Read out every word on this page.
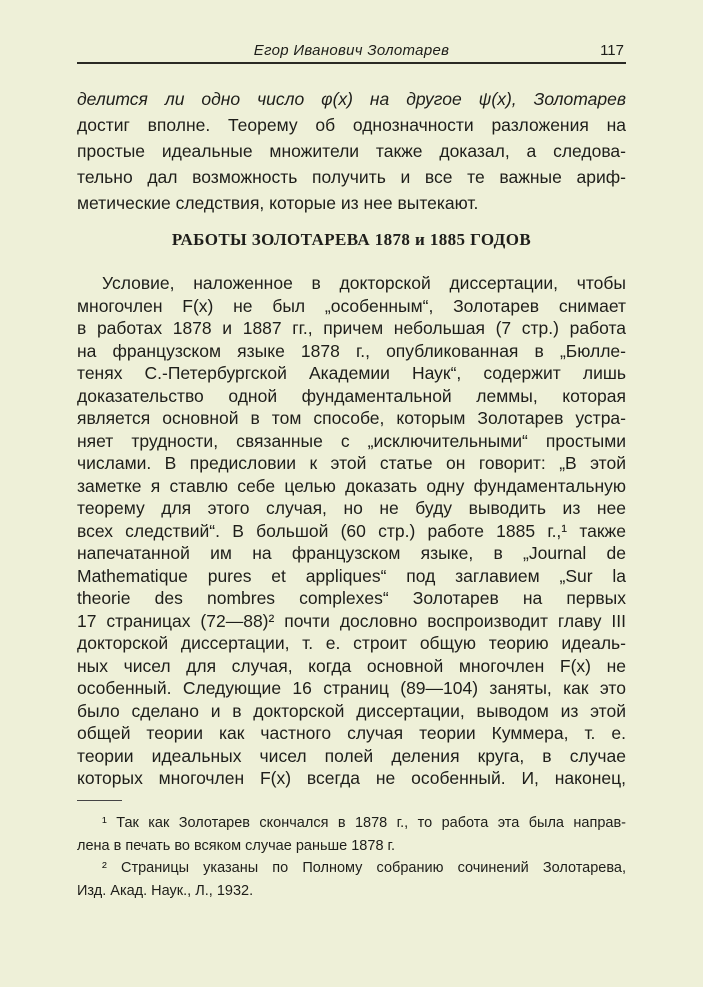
Егор Иванович Золотарев	117
делится ли одно число φ(x) на другое ψ(x), Золотарев
достиг вполне. Теорему об однозначности разложения на
простые идеальные множители также доказал, а следова-
тельно дал возможность получить и все те важные ариф-
метические следствия, которые из нее вытекают.
РАБОТЫ ЗОЛОТАРЕВА 1878 и 1885 ГОДОВ
Условие, наложенное в докторской диссертации, чтобы
многочлен F(x) не был „особенным“, Золотарев снимает
в работах 1878 и 1887 гг., причем небольшая (7 стр.) работа
на французском языке 1878 г., опубликованная в „Бюлле-
тенях С.-Петербургской Академии Наук“, содержит лишь
доказательство одной фундаментальной леммы, которая
является основной в том способе, которым Золотарев устра-
няет трудности, связанные с „исключительными“ простыми
числами. В предисловии к этой статье он говорит: „В этой
заметке я ставлю себе целью доказать одну фундаментальную
теорему для этого случая, но не буду выводить из нее
всех следствий“. В большой (60 стр.) работе 1885 г.,¹ также
напечатанной им на французском языке, в „Journal de
Mathematique pures et appliques“ под заглавием „Sur la
theorie des nombres complexes“ Золотарев на первых
17 страницах (72—88)² почти дословно воспроизводит главу III
докторской диссертации, т. е. строит общую теорию идеаль-
ных чисел для случая, когда основной многочлен F(x) не
особенный. Следующие 16 страниц (89—104) заняты, как это
было сделано и в докторской диссертации, выводом из этой
общей теории как частного случая теории Куммера, т. е.
теории идеальных чисел полей деления круга, в случае
которых многочлен F(x) всегда не особенный. И, наконец,
¹ Так как Золотарев скончался в 1878 г., то работа эта была направ-
лена в печать во всяком случае раньше 1878 г.
² Страницы указаны по Полному собранию сочинений Золотарева,
Изд. Акад. Наук., Л., 1932.
